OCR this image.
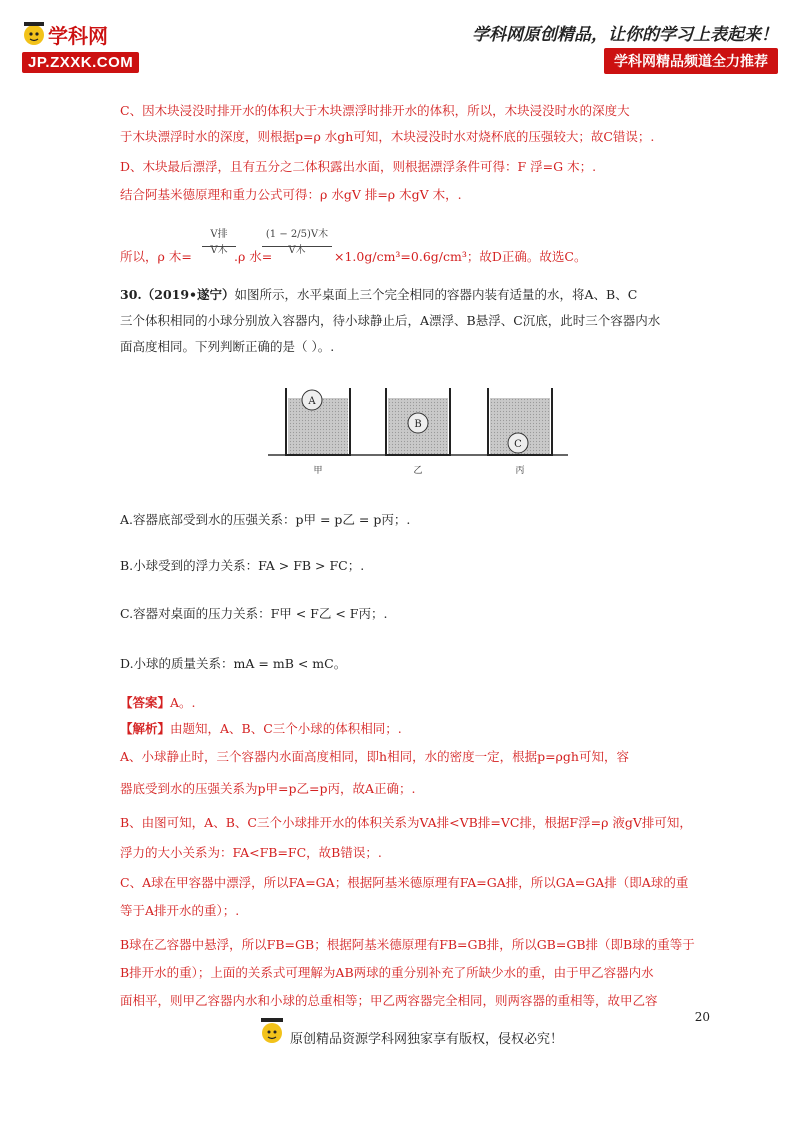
学科网
JP.ZXXK.COM
学科网原创精品，让你的学习上表起来！
学科网精品频道全力推荐
C、因木块浸没时排开水的体积大于木块漂浮时排开水的体积，所以，木块浸没时水的深度大
于木块漂浮时水的深度，则根据p=ρ 水gh可知，木块浸没时水对烧杯底的压强较大；故C错误；.
D、木块最后漂浮，且有五分之二体积露出水面，则根据漂浮条件可得：F 浮=G 木；.
结合阿基米德原理和重力公式可得：ρ 水gV 排=ρ 木gV 木，.
所以，ρ 木=
V排
V木 .ρ 水=
(1 − 2/5)V木
V木	×1.0g/cm³=0.6g/cm³；故D正确。故选C。
30.（2019•遂宁）如图所示，水平桌面上三个完全相同的容器内装有适量的水，将A、B、C
三个体积相同的小球分别放入容器内，待小球静止后，A漂浮、B悬浮、C沉底，此时三个容器内水
面高度相同。下列判断正确的是（ ）。.
A
B
C
甲	乙	丙
A.容器底部受到水的压强关系：p甲 = p乙 = p丙；.
B.小球受到的浮力关系：FA > FB > FC；.
C.容器对桌面的压力关系：F甲 < F乙 < F丙；.
D.小球的质量关系：mA = mB < mC。
【答案】A。.
【解析】由题知，A、B、C三个小球的体积相同；.
A、小球静止时，三个容器内水面高度相同，即h相同，水的密度一定，根据p=ρgh可知，容
器底受到水的压强关系为p甲=p乙=p丙，故A正确；.
B、由图可知，A、B、C三个小球排开水的体积关系为VA排<VB排=VC排，根据F浮=ρ 液gV排可知，
浮力的大小关系为：FA<FB=FC，故B错误；.
C、A球在甲容器中漂浮，所以FA=GA；根据阿基米德原理有FA=GA排，所以GA=GA排（即A球的重
等于A排开水的重）；.
B球在乙容器中悬浮，所以FB=GB；根据阿基米德原理有FB=GB排，所以GB=GB排（即B球的重等于
B排开水的重）；上面的关系式可理解为AB两球的重分别补充了所缺少水的重，由于甲乙容器内水
面相平，则甲乙容器内水和小球的总重相等；甲乙两容器完全相同，则两容器的重相等，故甲乙容
20
原创精品资源学科网独家享有版权，侵权必究！
